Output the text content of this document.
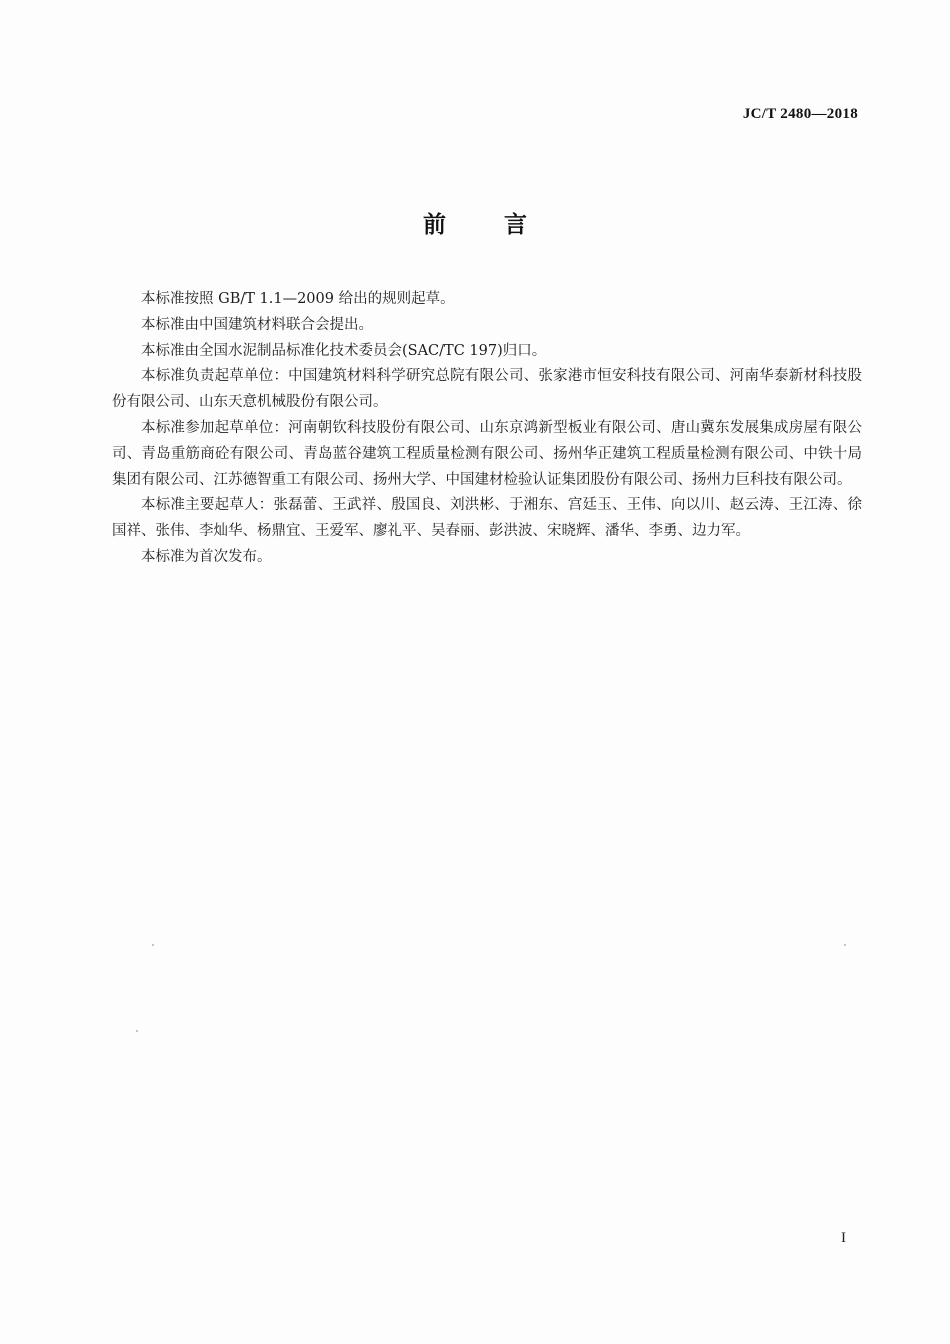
JC/T 2480—2018
前言

本标准按照 GB/T 1.1—2009 给出的规则起草。

本标准由中国建筑材料联合会提出。

本标准由全国水泥制品标准化技术委员会(SAC/TC 197)归口。

本标准负责起草单位：中国建筑材料科学研究总院有限公司、张家港市恒安科技有限公司、河南华泰新材科技股份有限公司、山东天意机械股份有限公司。

本标准参加起草单位：河南朝钦科技股份有限公司、山东京鸿新型板业有限公司、唐山冀东发展集成房屋有限公司、青岛重筋商砼有限公司、青岛蓝谷建筑工程质量检测有限公司、扬州华正建筑工程质量检测有限公司、中铁十局集团有限公司、江苏德智重工有限公司、扬州大学、中国建材检验认证集团股份有限公司、扬州力巨科技有限公司。

本标准主要起草人：张磊蕾、王武祥、殷国良、刘洪彬、于湘东、宫廷玉、王伟、向以川、赵云涛、王江涛、徐国祥、张伟、李灿华、杨鼎宜、王爱军、廖礼平、吴春丽、彭洪波、宋晓辉、潘华、李勇、边力军。

本标准为首次发布。

I
